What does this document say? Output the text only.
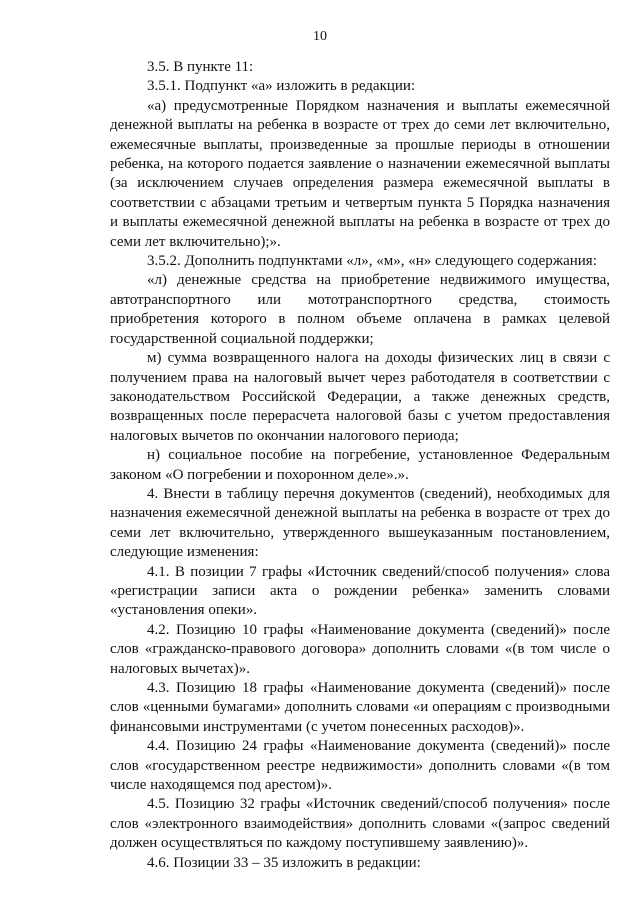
10

3.5. В пункте 11:

3.5.1. Подпункт «а» изложить в редакции:

«а) предусмотренные Порядком назначения и выплаты ежемесячной денежной выплаты на ребенка в возрасте от трех до семи лет включительно, ежемесячные выплаты, произведенные за прошлые периоды в отношении ребенка, на которого подается заявление о назначении ежемесячной выплаты (за исключением случаев определения размера ежемесячной выплаты в соответствии с абзацами третьим и четвертым пункта 5 Порядка назначения и выплаты ежемесячной денежной выплаты на ребенка в возрасте от трех до семи лет включительно);».

3.5.2. Дополнить подпунктами «л», «м», «н» следующего содержания:

«л) денежные средства на приобретение недвижимого имущества, автотранспортного или мототранспортного средства, стоимость приобретения которого в полном объеме оплачена в рамках целевой государственной социальной поддержки;

м) сумма возвращенного налога на доходы физических лиц в связи с получением права на налоговый вычет через работодателя в соответствии с законодательством Российской Федерации, а также денежных средств, возвращенных после перерасчета налоговой базы с учетом предоставления налоговых вычетов по окончании налогового периода;

н) социальное пособие на погребение, установленное Федеральным законом «О погребении и похоронном деле».».

4. Внести в таблицу перечня документов (сведений), необходимых для назначения ежемесячной денежной выплаты на ребенка в возрасте от трех до семи лет включительно, утвержденного вышеуказанным постановлением, следующие изменения:

4.1. В позиции 7 графы «Источник сведений/способ получения» слова «регистрации записи акта о рождении ребенка» заменить словами «установления опеки».

4.2. Позицию 10 графы «Наименование документа (сведений)» после слов «гражданско-правового договора» дополнить словами «(в том числе о налоговых вычетах)».

4.3. Позицию 18 графы «Наименование документа (сведений)» после слов «ценными бумагами» дополнить словами «и операциям с производными финансовыми инструментами (с учетом понесенных расходов)».

4.4. Позицию 24 графы «Наименование документа (сведений)» после слов «государственном реестре недвижимости» дополнить словами «(в том числе находящемся под арестом)».

4.5. Позицию 32 графы «Источник сведений/способ получения» после слов «электронного взаимодействия» дополнить словами «(запрос сведений должен осуществляться по каждому поступившему заявлению)».

4.6. Позиции 33 – 35 изложить в редакции:
